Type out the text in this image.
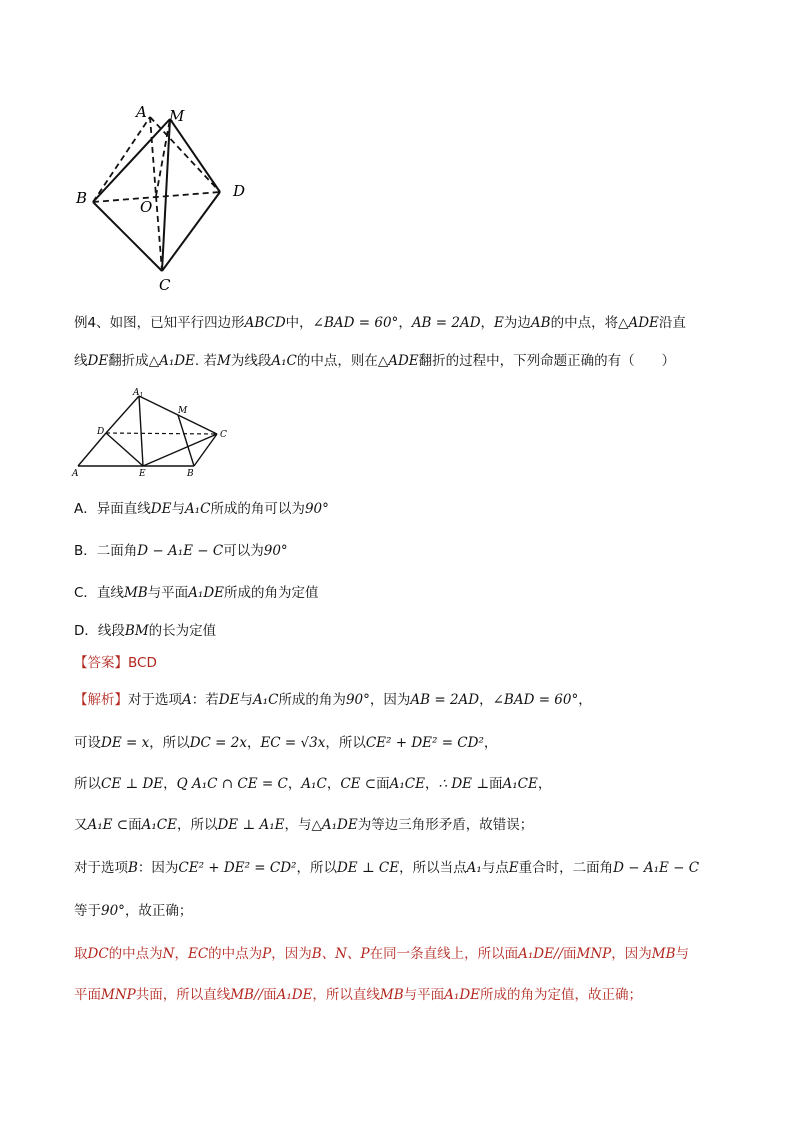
A M
B	O
D
C
例4、如图，已知平行四边形ABCD中，∠BAD = 60°，AB = 2AD，E为边AB的中点，将△ADE沿直
线DE翻折成△A₁DE. 若M为线段A₁C的中点，则在△ADE翻折的过程中，下列命题正确的有（　　）
$A_1$
M
D	C
A	E	B
A．异面直线DE与A₁C所成的角可以为90°
B．二面角D − A₁E − C可以为90°
C．直线MB与平面A₁DE所成的角为定值
D．线段BM的长为定值
【答案】BCD
【解析】对于选项A：若DE与A₁C所成的角为90°，因为AB = 2AD，∠BAD = 60°，
可设DE = x，所以DC = 2x，EC = √3x，所以CE² + DE² = CD²，
所以CE ⊥ DE，Q A₁C ∩ CE = C，A₁C，CE ⊂面A₁CE，∴ DE ⊥面A₁CE，
又A₁E ⊂面A₁CE，所以DE ⊥ A₁E，与△A₁DE为等边三角形矛盾，故错误；
对于选项B：因为CE² + DE² = CD²，所以DE ⊥ CE，所以当点A₁与点E重合时，二面角D − A₁E − C
等于90°，故正确；
取DC的中点为N，EC的中点为P，因为B、N、P在同一条直线上，所以面A₁DE//面MNP，因为MB与
平面MNP共面，所以直线MB//面A₁DE，所以直线MB与平面A₁DE所成的角为定值，故正确；
